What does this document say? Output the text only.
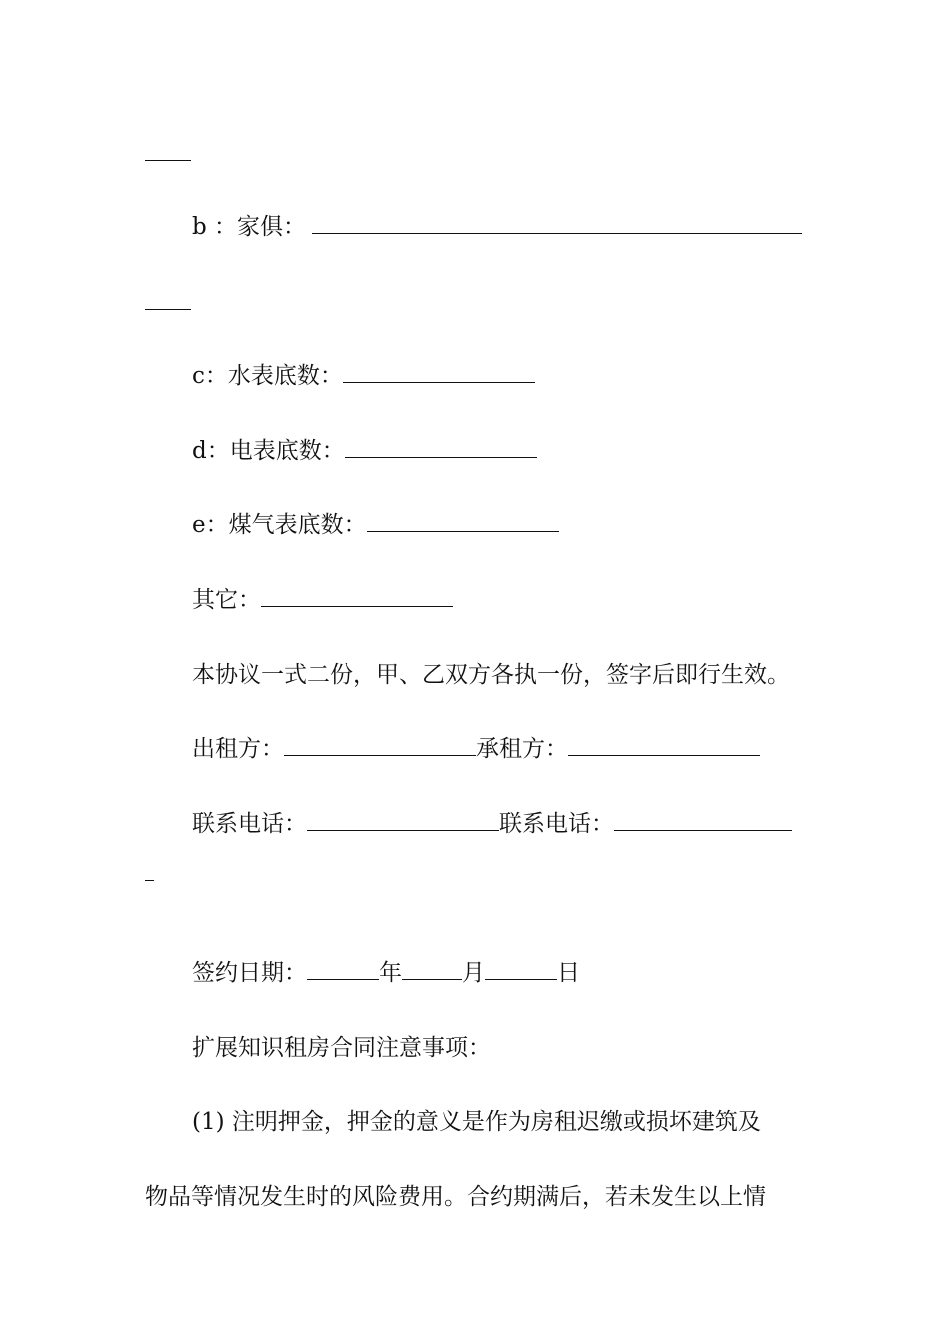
b ：家俱：
c：水表底数：
d：电表底数：
e：煤气表底数：
其它：
本协议一式二份，甲、乙双方各执一份，签字后即行生效。
出租方：	承租方：
联系电话：	联系电话：
签约日期：	年	月	日
扩展知识租房合同注意事项：
(1) 注明押金，押金的意义是作为房租迟缴或损坏建筑及
物品等情况发生时的风险费用。合约期满后，若未发生以上情
